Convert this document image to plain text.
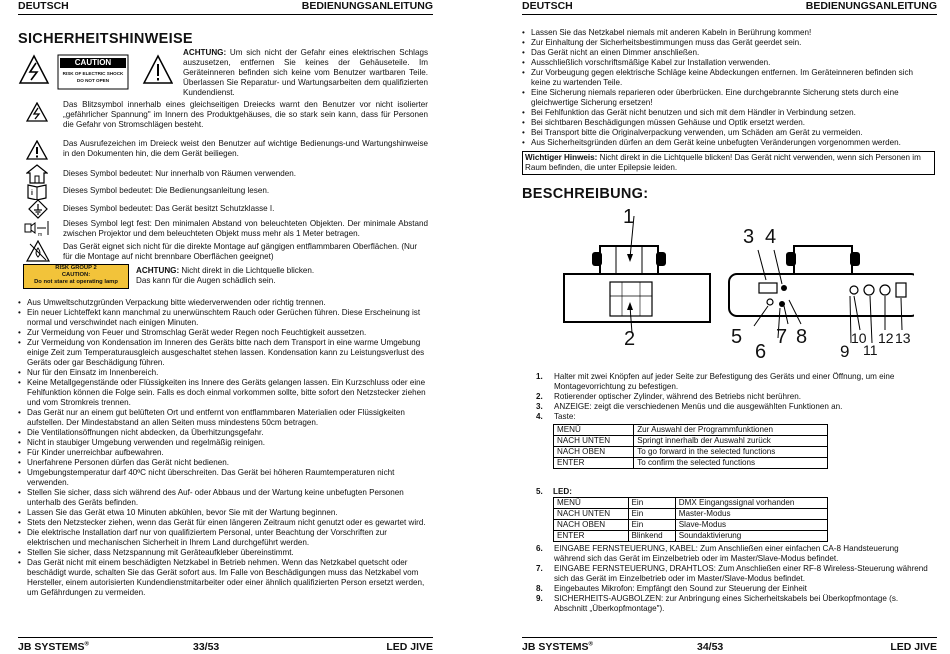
DEUTSCH	BEDIENUNGSANLEITUNG
SICHERHEITSHINWEISE
CAUTION
RISK OF ELECTRIC SHOCK
DO NOT OPEN
ACHTUNG: Um sich nicht der Gefahr eines elektrischen Schlags auszusetzen, entfernen Sie keines der Gehäuseteile. Im Geräteinneren befinden sich keine vom Benutzer wartbaren Teile. Überlassen Sie Reparatur- und Wartungsarbeiten dem qualifizierten Kundendienst.
Das Blitzsymbol innerhalb eines gleichseitigen Dreiecks warnt den Benutzer vor nicht isolierter „gefährlicher Spannung" im Innern des Produktgehäuses, die so stark sein kann, dass für Personen die Gefahr von Stromschlägen besteht.
Das Ausrufezeichen im Dreieck weist den Benutzer auf wichtige Bedienungs-und Wartungshinweise in den Dokumenten hin, die dem Gerät beiliegen.
Dieses Symbol bedeutet: Nur innerhalb von Räumen verwenden.
i	Dieses Symbol bedeutet: Die Bedienungsanleitung lesen.
Dieses Symbol bedeutet: Das Gerät besitzt Schutzklasse I.
m
Dieses Symbol legt fest: Den minimalen Abstand von beleuchteten Objekten. Der minimale Abstand zwischen Projektor und dem beleuchteten Objekt muss mehr als 1 Meter betragen.
Das Gerät eignet sich nicht für die direkte Montage auf gängigen entflammbaren Oberflächen. (Nur für die Montage auf nicht brennbare Oberflächen geeignet)
RISK GROUP 2
CAUTION:
Do not stare at operating lamp
ACHTUNG: Nicht direkt in die Lichtquelle blicken.
Das kann für die Augen schädlich sein.
• Aus Umweltschutzgründen Verpackung bitte wiederverwenden oder richtig trennen.
• Ein neuer Lichteffekt kann manchmal zu unerwünschtem Rauch oder Gerüchen führen. Diese Erscheinung ist normal und verschwindet nach einigen Minuten.
• Zur Vermeidung von Feuer und Stromschlag Gerät weder Regen noch Feuchtigkeit aussetzen.
• Zur Vermeidung von Kondensation im Inneren des Geräts bitte nach dem Transport in eine warme Umgebung einige Zeit zum Temperaturausgleich ausgeschaltet stehen lassen. Kondensation kann zu Leistungsverlust des Geräts oder gar Beschädigung führen.
• Nur für den Einsatz im Innenbereich.
• Keine Metallgegenstände oder Flüssigkeiten ins Innere des Geräts gelangen lassen. Ein Kurzschluss oder eine Fehlfunktion können die Folge sein. Falls es doch einmal vorkommen sollte, bitte sofort den Netzstecker ziehen und vom Stromkreis trennen.
• Das Gerät nur an einem gut belüfteten Ort und entfernt von entflammbaren Materialien oder Flüssigkeiten aufstellen. Der Mindestabstand an allen Seiten muss mindestens 50cm betragen.
• Die Ventilationsöffnungen nicht abdecken, da Überhitzungsgefahr.
• Nicht in staubiger Umgebung verwenden und regelmäßig reinigen.
• Für Kinder unerreichbar aufbewahren.
• Unerfahrene Personen dürfen das Gerät nicht bedienen.
• Umgebungstemperatur darf 40ºC nicht überschreiten. Das Gerät bei höheren Raumtemperaturen nicht verwenden.
• Stellen Sie sicher, dass sich während des Auf- oder Abbaus und der Wartung keine unbefugten Personen unterhalb des Geräts befinden.
• Lassen Sie das Gerät etwa 10 Minuten abkühlen, bevor Sie mit der Wartung beginnen.
• Stets den Netzstecker ziehen, wenn das Gerät für einen längeren Zeitraum nicht genutzt oder es gewartet wird.
• Die elektrische Installation darf nur von qualifiziertem Personal, unter Beachtung der Vorschriften zur elektrischen und mechanischen Sicherheit in Ihrem Land durchgeführt werden.
• Stellen Sie sicher, dass Netzspannung mit Geräteaufkleber übereinstimmt.
• Das Gerät nicht mit einem beschädigten Netzkabel in Betrieb nehmen. Wenn das Netzkabel quetscht oder beschädigt wurde, schalten Sie das Gerät sofort aus. Im Falle von Beschädigungen muss das Netzkabel vom Hersteller, einem autorisierten Kundendienstmitarbeiter oder einer ähnlich qualifizierten Person ersetzt werden, um Gefährdungen zu vermeiden.
JB SYSTEMS®	33/53	LED JIVE
DEUTSCH	BEDIENUNGSANLEITUNG
• Lassen Sie das Netzkabel niemals mit anderen Kabeln in Berührung kommen!
• Zur Einhaltung der Sicherheitsbestimmungen muss das Gerät geerdet sein.
• Das Gerät nicht an einen Dimmer anschließen.
• Ausschließlich vorschriftsmäßige Kabel zur Installation verwenden.
• Zur Vorbeugung gegen elektrische Schläge keine Abdeckungen entfernen. Im Geräteinneren befinden sich keine zu wartenden Teile.
• Eine Sicherung niemals reparieren oder überbrücken. Eine durchgebrannte Sicherung stets durch eine gleichwertige Sicherung ersetzen!
• Bei Fehlfunktion das Gerät nicht benutzen und sich mit dem Händler in Verbindung setzen.
• Bei sichtbaren Beschädigungen müssen Gehäuse und Optik ersetzt werden.
• Bei Transport bitte die Originalverpackung verwenden, um Schäden am Gerät zu vermeiden.
• Aus Sicherheitsgründen dürfen an dem Gerät keine unbefugten Veränderungen vorgenommen werden.
Wichtiger Hinweis: Nicht direkt in die Lichtquelle blicken! Das Gerät nicht verwenden, wenn sich Personen im Raum befinden, die unter Epilepsie leiden.
BESCHREIBUNG:
1
2
3 4
5
6
7 8
9
10
11
12 13
1. Halter mit zwei Knöpfen auf jeder Seite zur Befestigung des Geräts und einer Öffnung, um eine Montagevorrichtung zu befestigen.
2. Rotierender optischer Zylinder, während des Betriebs nicht berühren.
3. ANZEIGE: zeigt die verschiedenen Menüs und die ausgewählten Funktionen an.
4. Taste:
MENÜ	Zur Auswahl der Programmfunktionen
NACH UNTEN	Springt innerhalb der Auswahl zurück
NACH OBEN	To go forward in the selected functions
ENTER	To confirm the selected functions
5. LED:
MENÜ	Ein	DMX Eingangssignal vorhanden
NACH UNTEN	Ein	Master-Modus
NACH OBEN	Ein	Slave-Modus
ENTER	Blinkend	Soundaktivierung
6. EINGABE FERNSTEUERUNG, KABEL: Zum Anschließen einer einfachen CA-8 Handsteuerung während sich das Gerät im Einzelbetrieb oder im Master/Slave-Modus befindet.
7. EINGABE FERNSTEUERUNG, DRAHTLOS: Zum Anschließen einer RF-8 Wireless-Steuerung während sich das Gerät im Einzelbetrieb oder im Master/Slave-Modus befindet.
8. Eingebautes Mikrofon: Empfängt den Sound zur Steuerung der Einheit
9. SICHERHEITS-AUGBOLZEN: zur Anbringung eines Sicherheitskabels bei Überkopfmontage (s. Abschnitt „Überkopfmontage").
JB SYSTEMS®	34/53	LED JIVE
